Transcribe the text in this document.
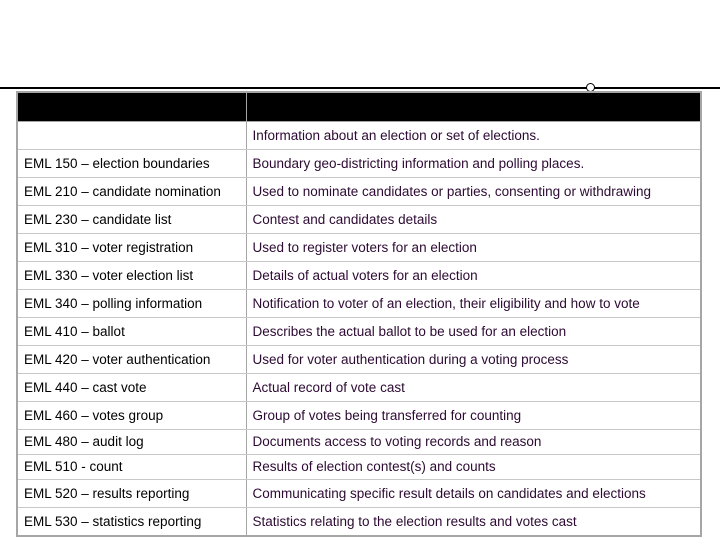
	Information about an election or set of elections.
EML 150 – election boundaries	Boundary geo-districting information and polling places.
EML 210 – candidate nomination	Used to nominate candidates or parties, consenting or withdrawing
EML 230 – candidate list	Contest and candidates details
EML 310 – voter registration	Used to register voters for an election
EML 330 – voter election list	Details of actual voters for an election
EML 340 – polling information	Notification to voter of an election, their eligibility and how to vote
EML 410 – ballot	Describes the actual ballot to be used for an election
EML 420 – voter authentication	Used for voter authentication during a voting process
EML 440 – cast vote	Actual record of vote cast
EML 460 – votes group	Group of votes being transferred for counting
EML 480 – audit log	Documents access to voting records and reason
EML 510 - count	Results of election contest(s) and counts
EML 520 – results reporting	Communicating specific result details on candidates and elections
EML 530 – statistics reporting	Statistics relating to the election results and votes cast
